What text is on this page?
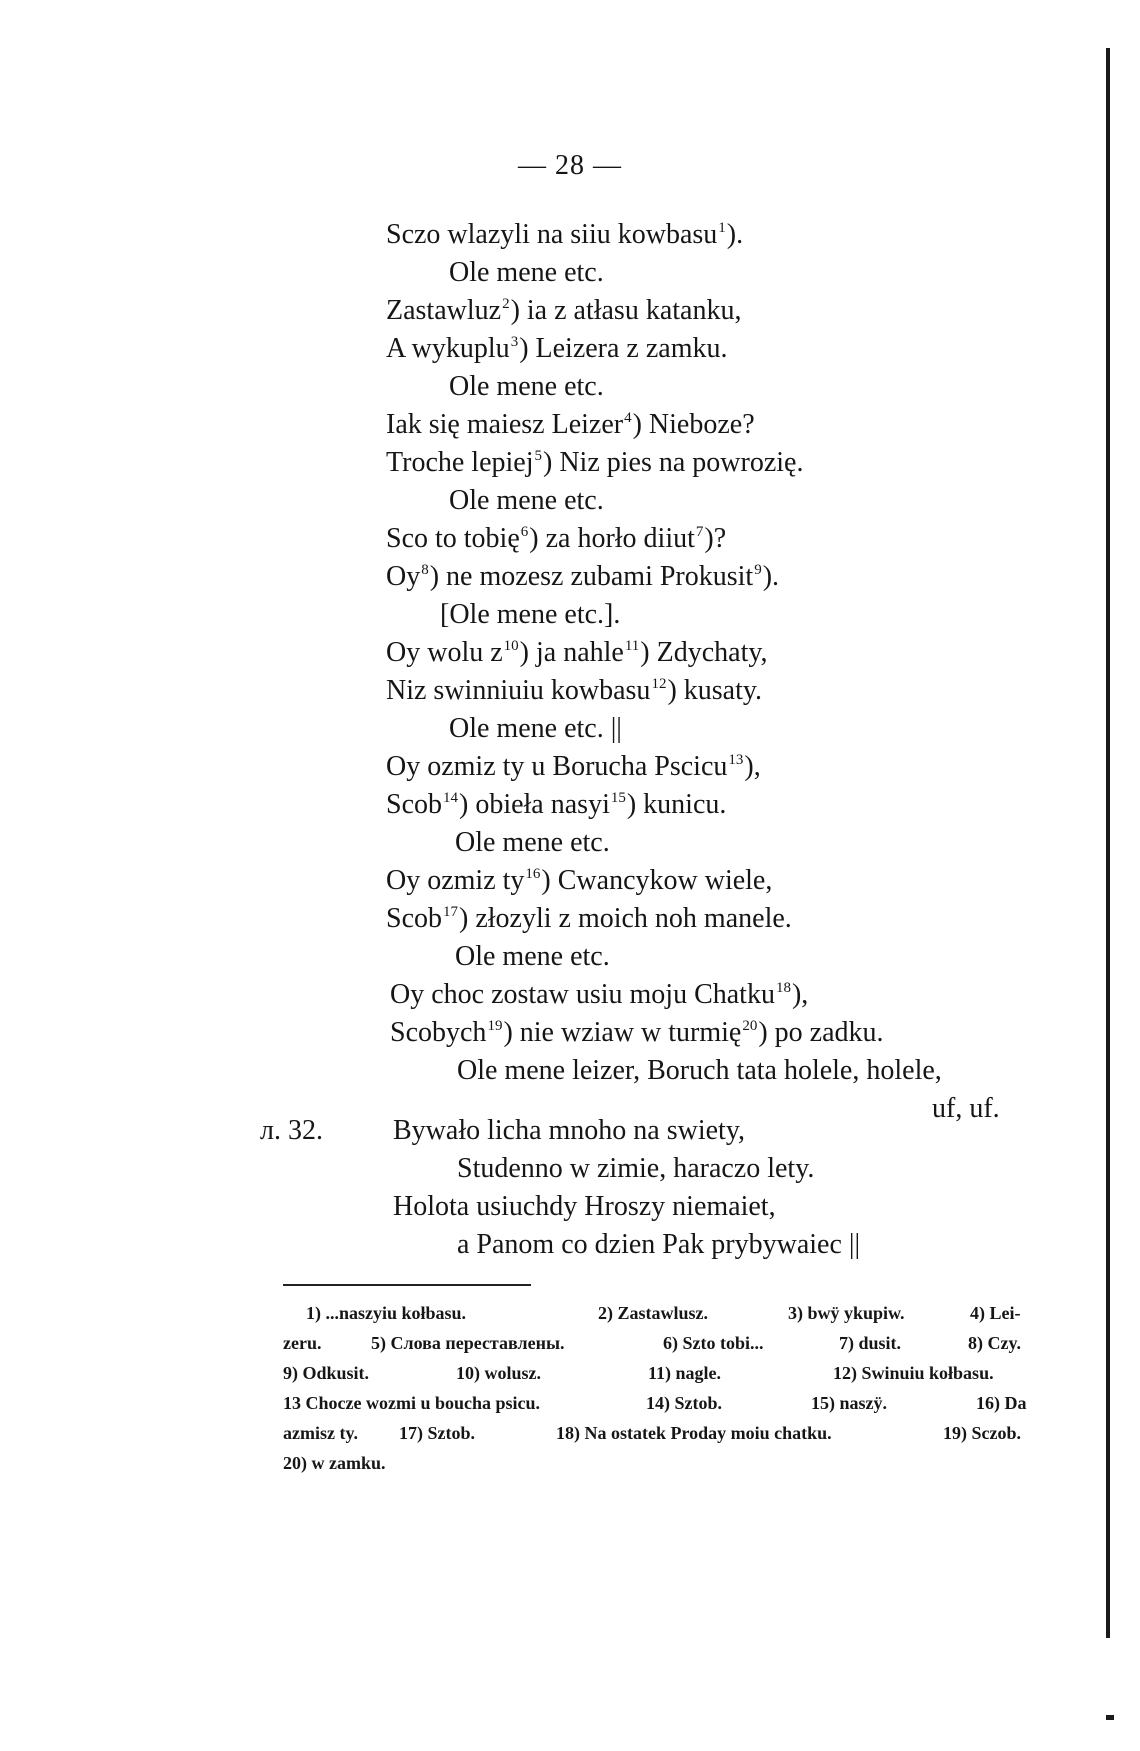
— 28 —
Sczo wlazyli na siiu kowbasu$^1$).
Ole mene etc.
Zastawluz$^2$) ia z atłasu katanku,
A wykuplu$^3$) Leizera z zamku.
Ole mene etc.
Iak się maiesz Leizer$^4$) Nieboze?
Troche lepiej$^5$) Niz pies na powrozię.
Ole mene etc.
Sco to tobię$^6$) za horło diiut$^7$)?
Oy$^8$) ne mozesz zubami Prokusit$^9$).
[Ole mene etc.].
Oy wolu $z^{10}$) ja nahle$^{11}$) Zdychaty,
Niz swinniuiu kowbasu$^{12}$) kusaty.
Ole mene etc. ||
Oy ozmiz ty u Borucha Pscicu$^{13}$),
Scob$^{14}$) obieła nasyi$^{15}$) kunicu.
Ole mene etc.
Oy ozmiz $ty^{16}$) Cwancykow wiele,
Scob$^{17}$) złozyli z moich noh manele.
Ole mene etc.
Oy choc zostaw usiu moju Chatku$^{18}$),
Scobych$^{19}$) nie wziaw w turmię$^{20}$) po zadku.
Ole mene leizer, Boruch tata holele, holele,
uf, uf.
л. 32.	Bywało licha mnoho na swiety,
Studenno w zimie, haraczo lety.
Holota usiuchdy Hroszy niemaiet,
a Panom co dzien Pak prybywaiec ||
1) ...naszyiu kołbasu.	2) Zastawlusz.	3) bwÿ ykupiw.	4) Lei-
zeru.	5) Слова переставлены.	6) Szto tobi...	7) dusit.	8) Czy.
9) Odkusit.	10) wolusz.	11) nagle.	12) Swinuiu kołbasu.
13 Chocze wozmi u boucha psicu.	14) Sztob.	15) naszÿ.	16) Da
azmisz ty. 17) Sztob.	18) Na ostatek Proday moiu chatku.	19) Sczob.
20) w zamku.
